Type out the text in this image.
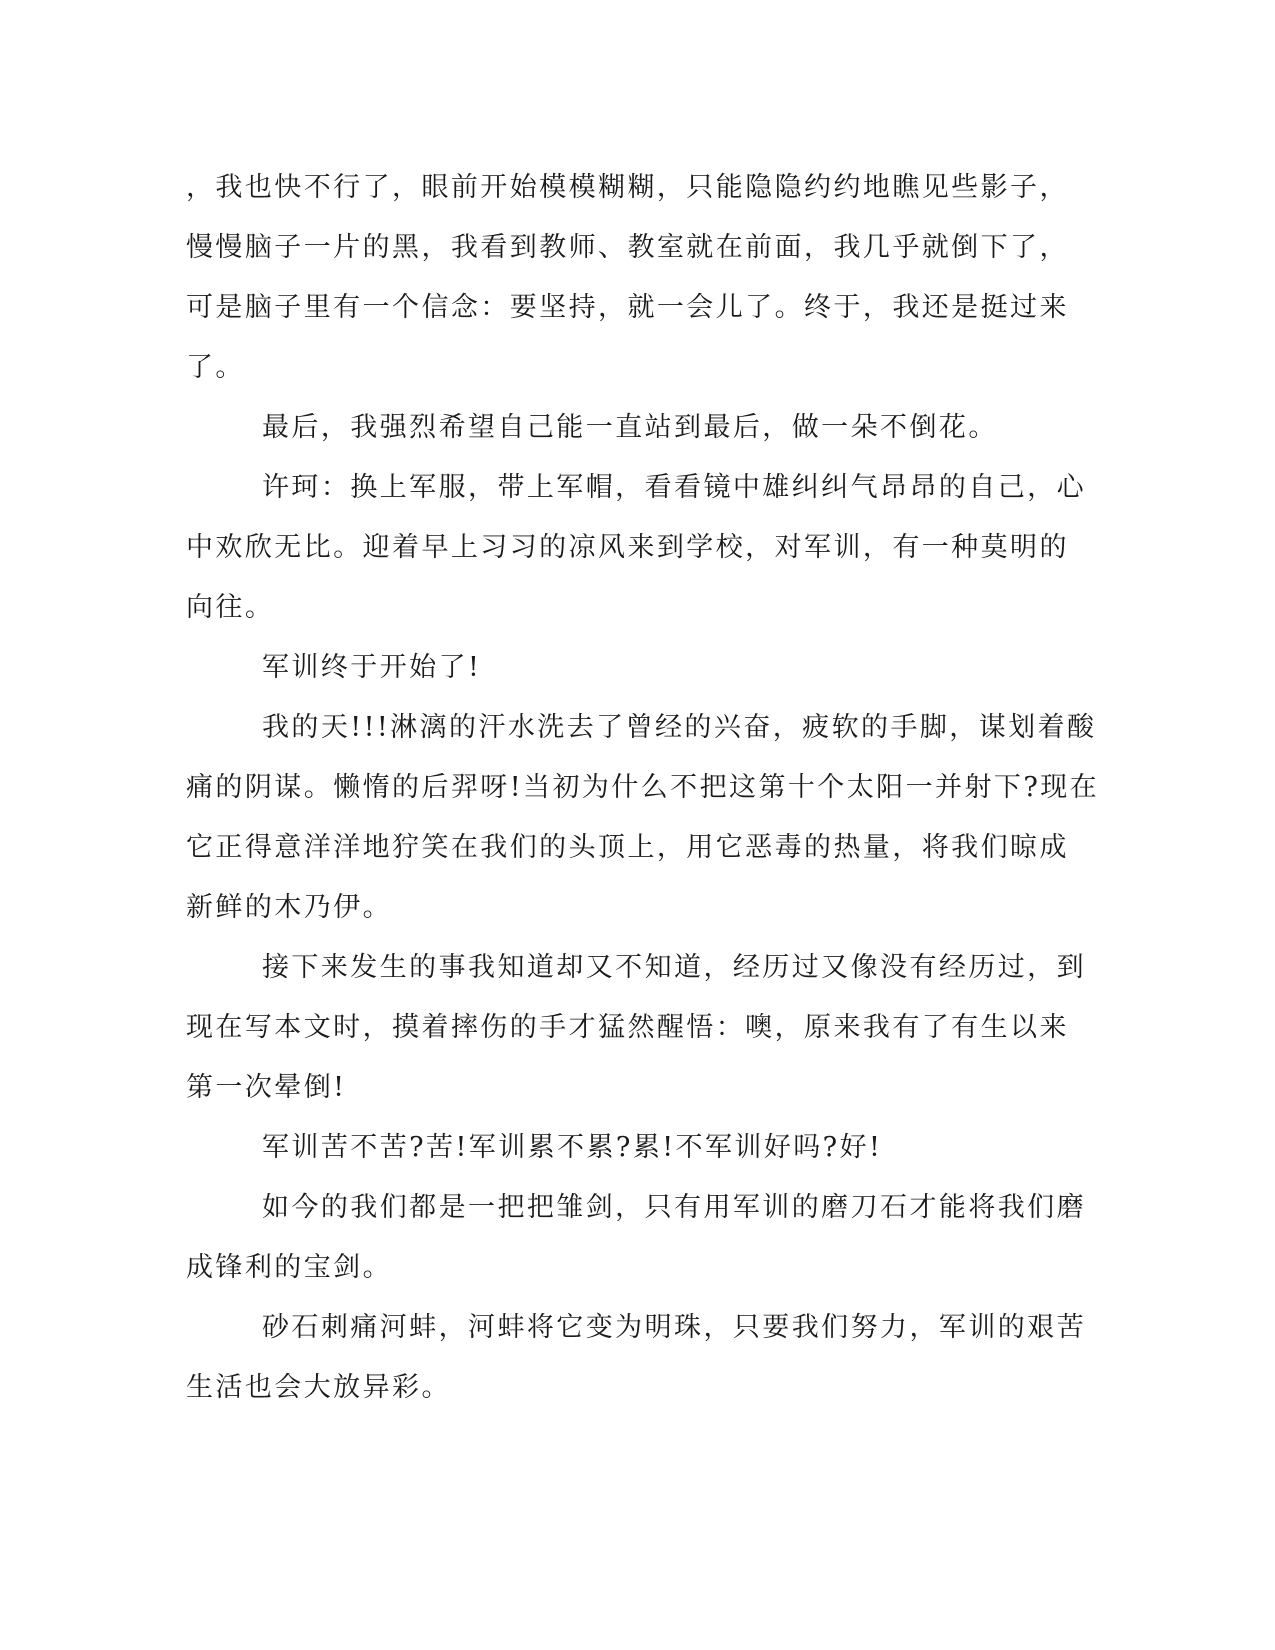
，我也快不行了，眼前开始模模糊糊，只能隐隐约约地瞧见些影子，
慢慢脑子一片的黑，我看到教师、教室就在前面，我几乎就倒下了，
可是脑子里有一个信念：要坚持，就一会儿了。终于，我还是挺过来
了。
最后，我强烈希望自己能一直站到最后，做一朵不倒花。
许珂：换上军服，带上军帽，看看镜中雄纠纠气昂昂的自己，心
中欢欣无比。迎着早上习习的凉风来到学校，对军训，有一种莫明的
向往。
军训终于开始了!
我的天!!!淋漓的汗水洗去了曾经的兴奋，疲软的手脚，谋划着酸
痛的阴谋。懒惰的后羿呀!当初为什么不把这第十个太阳一并射下?现在
它正得意洋洋地狞笑在我们的头顶上，用它恶毒的热量，将我们晾成
新鲜的木乃伊。
接下来发生的事我知道却又不知道，经历过又像没有经历过，到
现在写本文时，摸着摔伤的手才猛然醒悟：噢，原来我有了有生以来
第一次晕倒!
军训苦不苦?苦!军训累不累?累!不军训好吗?好!
如今的我们都是一把把雏剑，只有用军训的磨刀石才能将我们磨
成锋利的宝剑。
砂石刺痛河蚌，河蚌将它变为明珠，只要我们努力，军训的艰苦
生活也会大放异彩。
